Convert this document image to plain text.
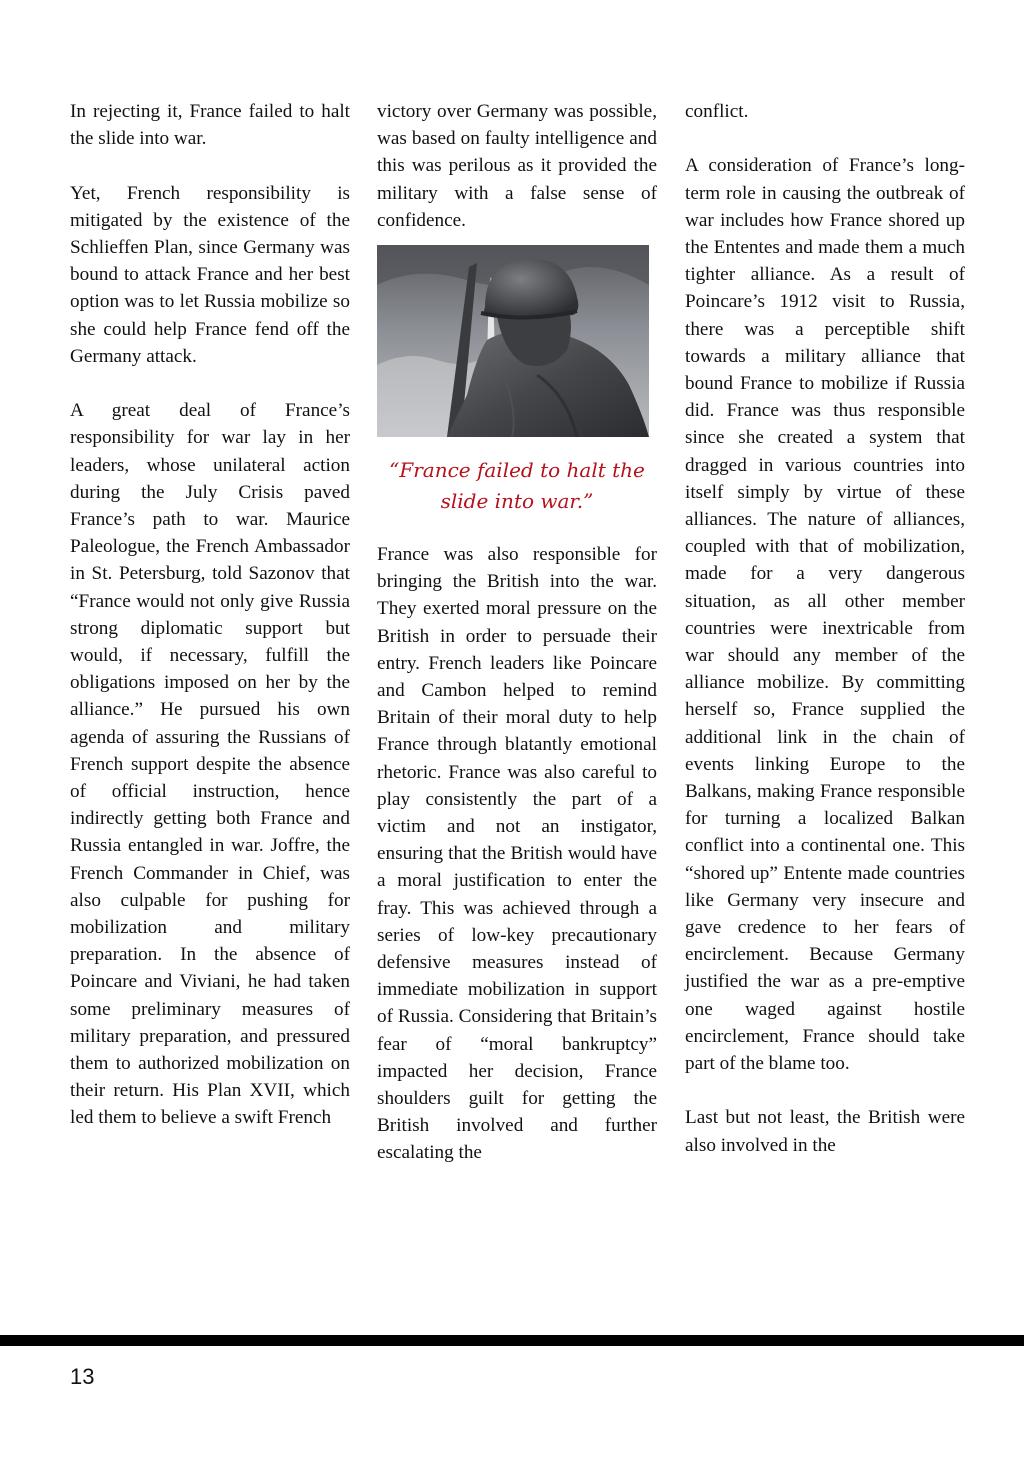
In rejecting it, France failed to halt the slide into war.

Yet, French responsibility is mitigated by the existence of the Schlieffen Plan, since Germany was bound to attack France and her best option was to let Russia mobilize so she could help France fend off the Germany attack.

A great deal of France’s responsibility for war lay in her leaders, whose unilateral action during the July Crisis paved France’s path to war. Maurice Paleologue, the French Ambassador in St. Petersburg, told Sazonov that “France would not only give Russia strong diplomatic support but would, if necessary, fulfill the obligations imposed on her by the alliance.” He pursued his own agenda of assuring the Russians of French support despite the absence of official instruction, hence indirectly getting both France and Russia entangled in war. Joffre, the French Commander in Chief, was also culpable for pushing for mobilization and military preparation. In the absence of Poincare and Viviani, he had taken some preliminary measures of military preparation, and pressured them to authorized mobilization on their return. His Plan XVII, which led them to believe a swift French

victory over Germany was possible, was based on faulty intelligence and this was perilous as it provided the military with a false sense of confidence.

“France failed to halt the slide into war.”

France was also responsible for bringing the British into the war. They exerted moral pressure on the British in order to persuade their entry. French leaders like Poincare and Cambon helped to remind Britain of their moral duty to help France through blatantly emotional rhetoric. France was also careful to play consistently the part of a victim and not an instigator, ensuring that the British would have a moral justification to enter the fray. This was achieved through a series of low-key precautionary defensive measures instead of immediate mobilization in support of Russia. Considering that Britain’s fear of “moral bankruptcy” impacted her decision, France shoulders guilt for getting the British involved and further escalating the

conflict.

A consideration of France’s long-term role in causing the outbreak of war includes how France shored up the Ententes and made them a much tighter alliance. As a result of Poincare’s 1912 visit to Russia, there was a perceptible shift towards a military alliance that bound France to mobilize if Russia did. France was thus responsible since she created a system that dragged in various countries into itself simply by virtue of these alliances. The nature of alliances, coupled with that of mobilization, made for a very dangerous situation, as all other member countries were inextricable from war should any member of the alliance mobilize. By committing herself so, France supplied the additional link in the chain of events linking Europe to the Balkans, making France responsible for turning a localized Balkan conflict into a continental one. This “shored up” Entente made countries like Germany very insecure and gave credence to her fears of encirclement. Because Germany justified the war as a pre-emptive one waged against hostile encirclement, France should take part of the blame too.

Last but not least, the British were also involved in the

13
